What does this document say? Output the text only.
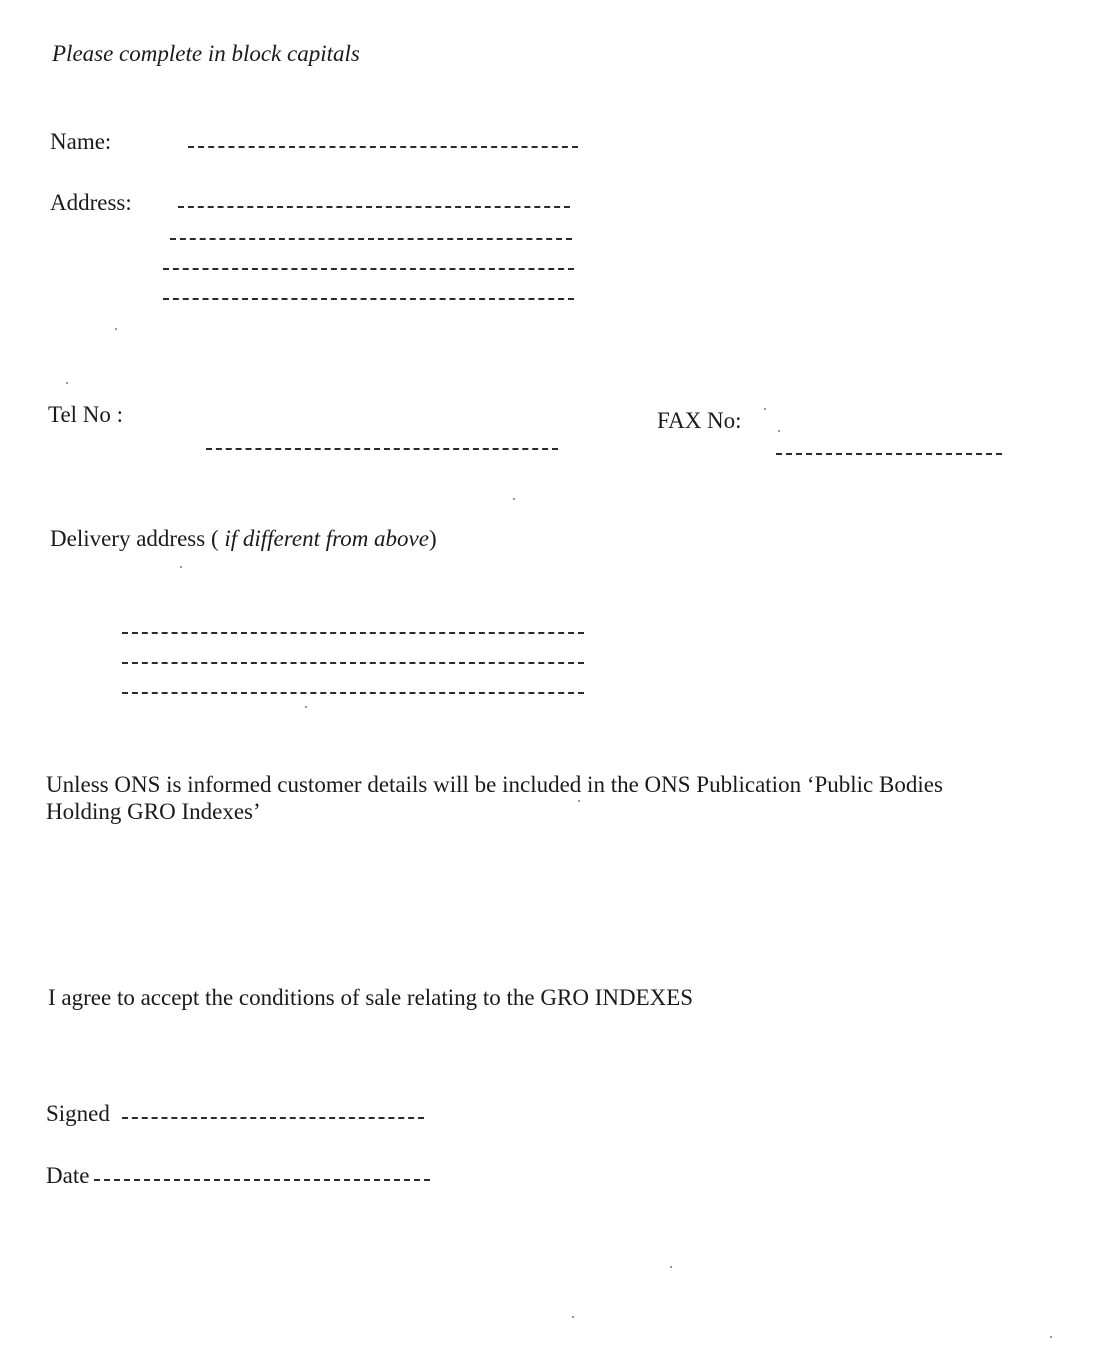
Please complete in block capitals
Name:
Address:
Tel No :	FAX No:
Delivery address ( if different from above)
Unless ONS is informed customer details will be included in the ONS Publication ‘Public Bodies Holding GRO Indexes’
I agree to accept the conditions of sale relating to the GRO INDEXES
Signed
Date
